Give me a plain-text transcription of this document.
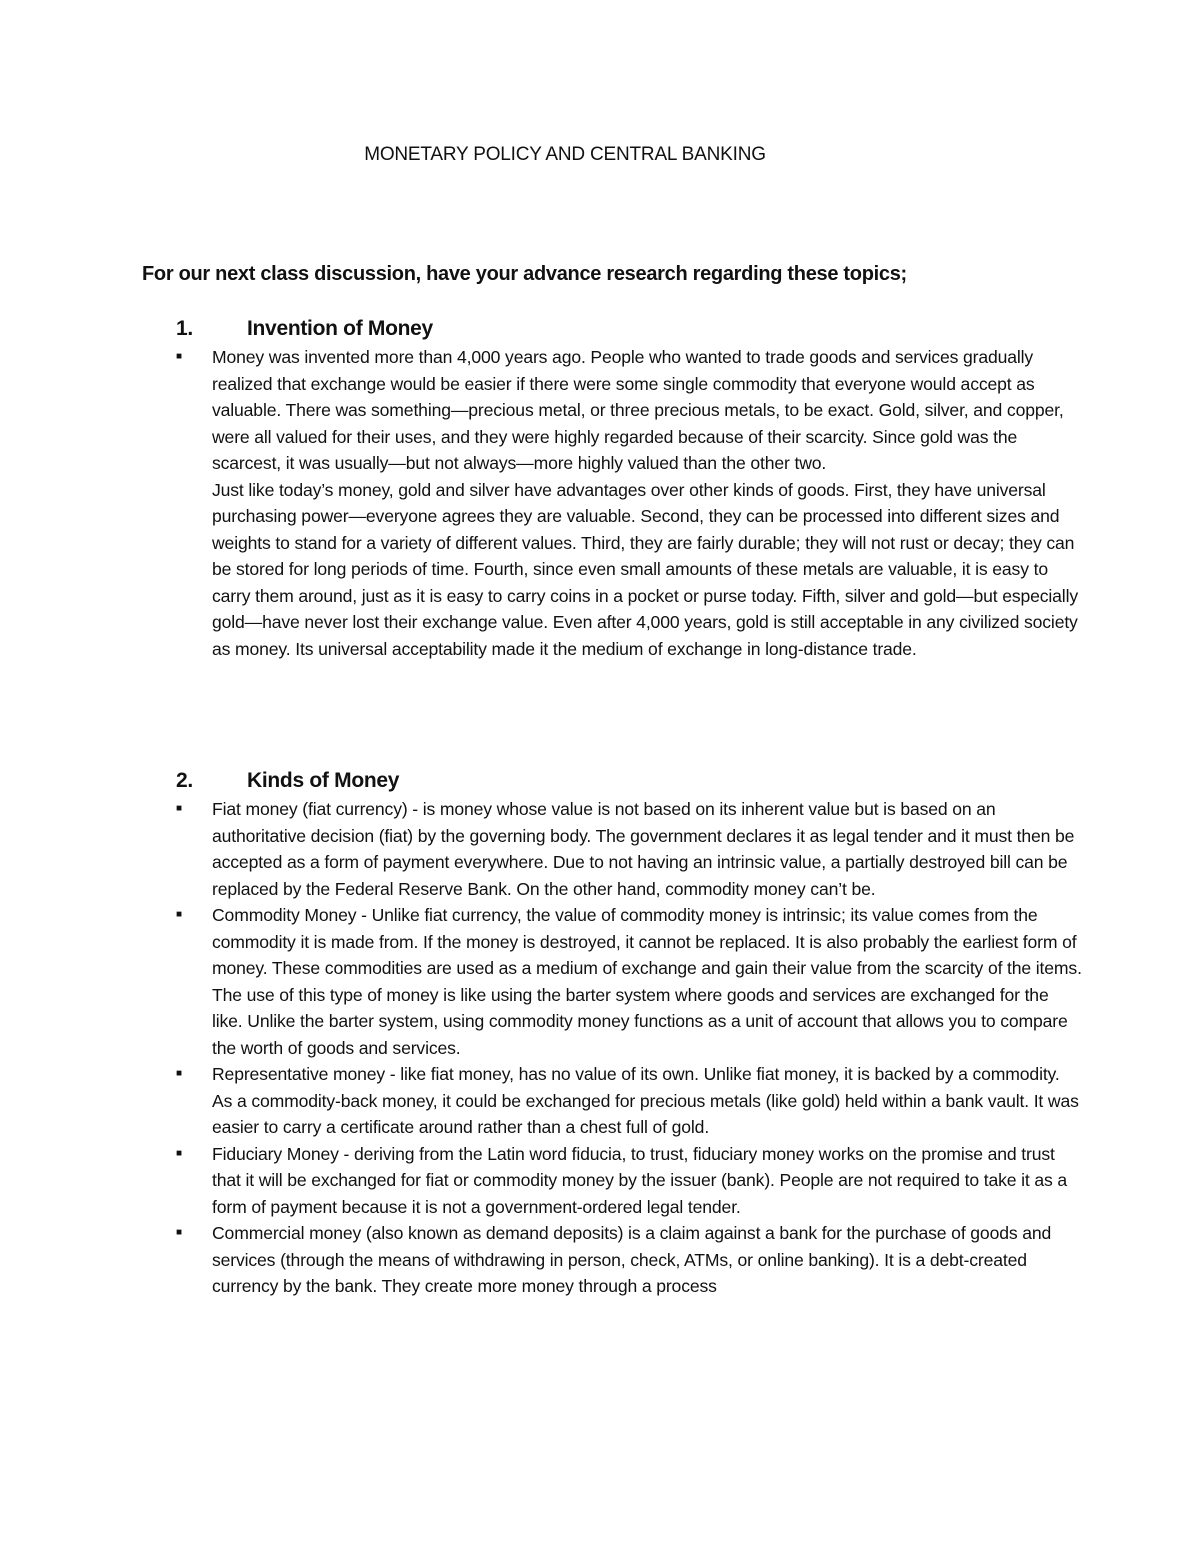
MONETARY POLICY AND CENTRAL BANKING
For our next class discussion, have your advance research regarding these topics;
1.	Invention of Money
■	Money was invented more than 4,000 years ago. People who wanted to trade goods and services gradually realized that exchange would be easier if there were some single commodity that everyone would accept as valuable. There was something—precious metal, or three precious metals, to be exact. Gold, silver, and copper, were all valued for their uses, and they were highly regarded because of their scarcity. Since gold was the scarcest, it was usually—but not always—more highly valued than the other two.

Just like today’s money, gold and silver have advantages over other kinds of goods. First, they have universal purchasing power—everyone agrees they are valuable. Second, they can be processed into different sizes and weights to stand for a variety of different values. Third, they are fairly durable; they will not rust or decay; they can be stored for long periods of time. Fourth, since even small amounts of these metals are valuable, it is easy to carry them around, just as it is easy to carry coins in a pocket or purse today. Fifth, silver and gold—but especially gold—have never lost their exchange value. Even after 4,000 years, gold is still acceptable in any civilized society as money. Its universal acceptability made it the medium of exchange in long-distance trade.

2.	Kinds of Money
■	Fiat money (fiat currency) - is money whose value is not based on its inherent value but is based on an authoritative decision (fiat) by the governing body. The government declares it as legal tender and it must then be accepted as a form of payment everywhere. Due to not having an intrinsic value, a partially destroyed bill can be replaced by the Federal Reserve Bank. On the other hand, commodity money can’t be.

■	Commodity Money - Unlike fiat currency, the value of commodity money is intrinsic; its value comes from the commodity it is made from. If the money is destroyed, it cannot be replaced. It is also probably the earliest form of money. These commodities are used as a medium of exchange and gain their value from the scarcity of the items. The use of this type of money is like using the barter system where goods and services are exchanged for the like. Unlike the barter system, using commodity money functions as a unit of account that allows you to compare the worth of goods and services.

■	Representative money - like fiat money, has no value of its own. Unlike fiat money, it is backed by a commodity. As a commodity-back money, it could be exchanged for precious metals (like gold) held within a bank vault. It was easier to carry a certificate around rather than a chest full of gold.

■	Fiduciary Money - deriving from the Latin word fiducia, to trust, fiduciary money works on the promise and trust that it will be exchanged for fiat or commodity money by the issuer (bank). People are not required to take it as a form of payment because it is not a government-ordered legal tender.

■	Commercial money (also known as demand deposits) is a claim against a bank for the purchase of goods and services (through the means of withdrawing in person, check, ATMs, or online banking). It is a debt-created currency by the bank. They create more money through a process
